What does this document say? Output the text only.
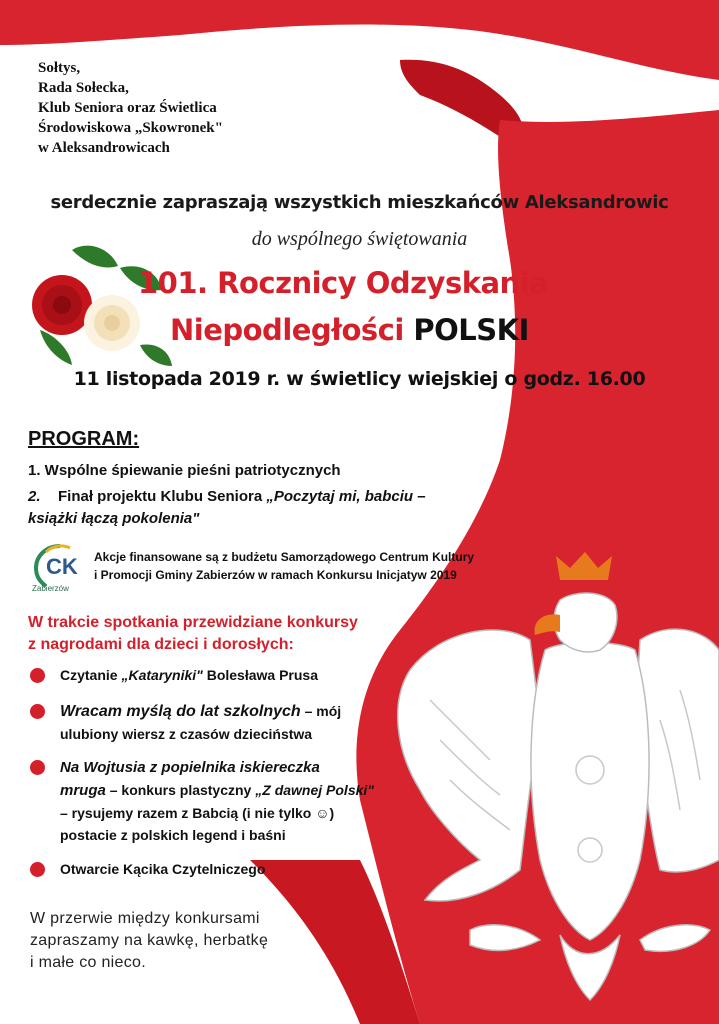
Sołtys,
Rada Sołecka,
Klub Seniora oraz Świetlica
Środowiskowa „Skowronek"
w Aleksandrowicach
serdecznie zapraszają wszystkich mieszkańców Aleksandrowic
do wspólnego świętowania
101. Rocznicy Odzyskania
Niepodległości POLSKI
11 listopada 2019 r. w świetlicy wiejskiej o godz. 16.00
PROGRAM:
1. Wspólne śpiewanie pieśni patriotycznych
2. Finał projektu Klubu Seniora „Poczytaj mi, babciu – książki łączą pokolenia"
CK
Zabierzów
Akcje finansowane są z budżetu Samorządowego Centrum Kultury
i Promocji Gminy Zabierzów w ramach Konkursu Inicjatyw 2019
W trakcie spotkania przewidziane konkursy
z nagrodami dla dzieci i dorosłych:
Czytanie „Kataryniki" Bolesława Prusa
Wracam myślą do lat szkolnych – mój
ulubiony wiersz z czasów dzieciństwa
Na Wojtusia z popielnika iskiereczka
mruga – konkurs plastyczny „Z dawnej Polski"
– rysujemy razem z Babcią (i nie tylko ☺)
postacie z polskich legend i baśni
Otwarcie Kącika Czytelniczego
W przerwie między konkursami
zapraszamy na kawkę, herbatkę
i małe co nieco.
